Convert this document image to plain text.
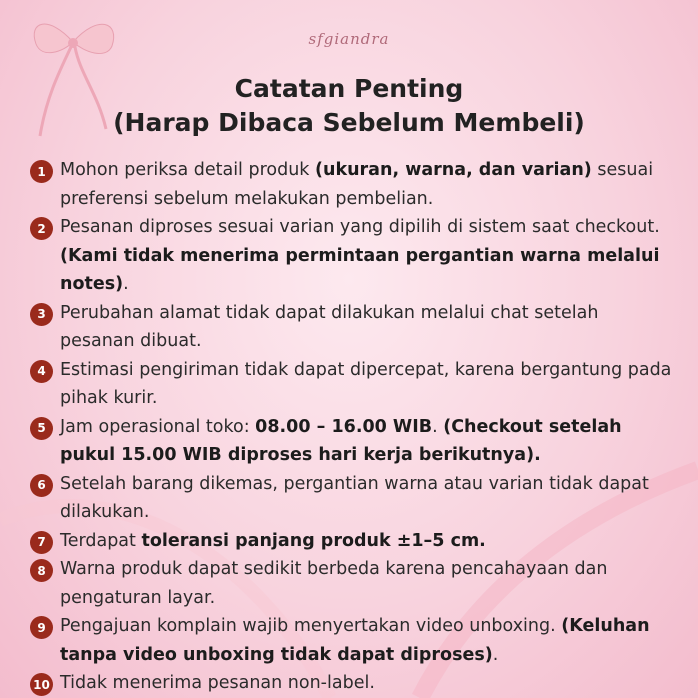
sfgiandra
Catatan Penting
(Harap Dibaca Sebelum Membeli)
1 Mohon periksa detail produk (ukuran, warna, dan varian) sesuai preferensi sebelum melakukan pembelian.
2 Pesanan diproses sesuai varian yang dipilih di sistem saat checkout. (Kami tidak menerima permintaan pergantian warna melalui notes).
3 Perubahan alamat tidak dapat dilakukan melalui chat setelah pesanan dibuat.
4 Estimasi pengiriman tidak dapat dipercepat, karena bergantung pada pihak kurir.
5 Jam operasional toko: 08.00 – 16.00 WIB. (Checkout setelah pukul 15.00 WIB diproses hari kerja berikutnya).
6 Setelah barang dikemas, pergantian warna atau varian tidak dapat dilakukan.
7 Terdapat toleransi panjang produk ±1–5 cm.
8 Warna produk dapat sedikit berbeda karena pencahayaan dan pengaturan layar.
9 Pengajuan komplain wajib menyertakan video unboxing. (Keluhan tanpa video unboxing tidak dapat diproses).
10 Tidak menerima pesanan non-label.
